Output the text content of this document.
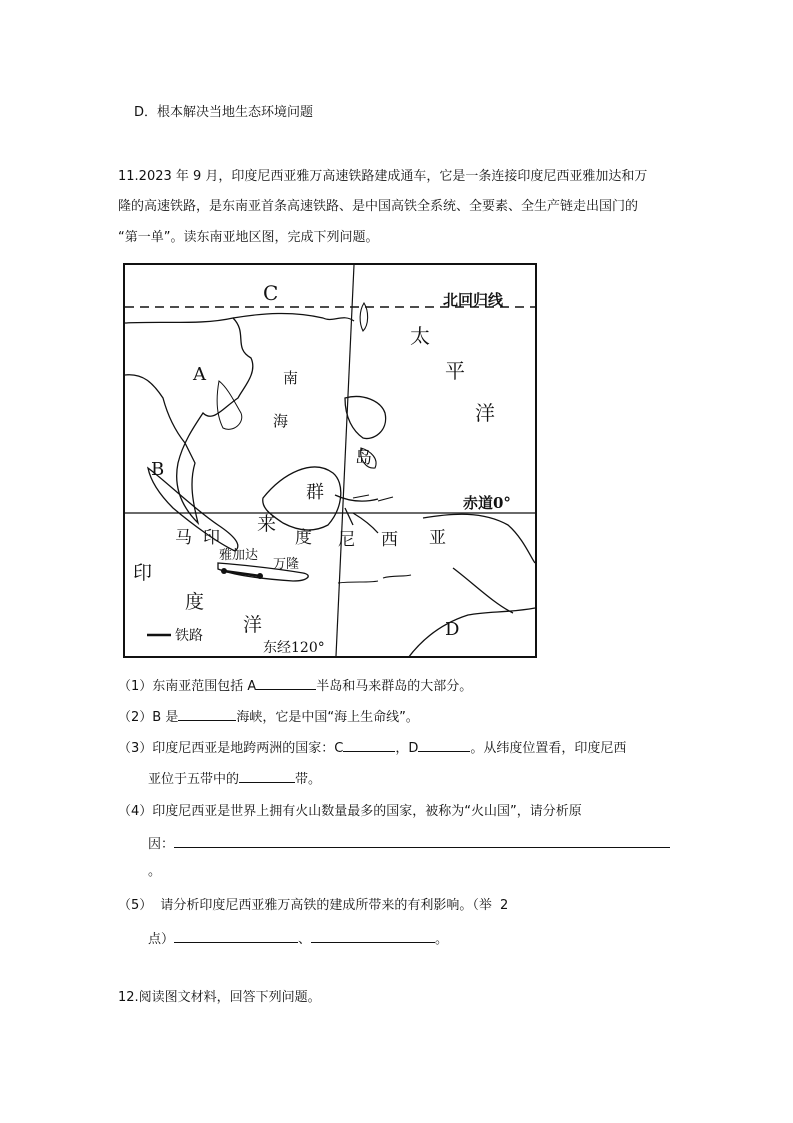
D．根本解决当地生态环境问题
11.2023 年 9 月，印度尼西亚雅万高速铁路建成通车，它是一条连接印度尼西亚雅加达和万
隆的高速铁路，是东南亚首条高速铁路、是中国高铁全系统、全要素、全生产链走出国门的
“第一单”。读东南亚地区图，完成下列问题。
C	北回归线
A
B
D
南
海
太
平
洋
岛
群
马
来
印	度 尼 西 亚
雅加达
万隆
印
度
洋
赤道0°
铁路
东经120°
（1）东南亚范围包括 A	半岛和马来群岛的大部分。
（2）B 是	海峡，它是中国“海上生命线”。
（3）印度尼西亚是地跨两洲的国家：C	，D	。从纬度位置看，印度尼西
亚位于五带中的	带。
（4）印度尼西亚是世界上拥有火山数量最多的国家，被称为“火山国”，请分析原
因：
。
（5） 请分析印度尼西亚雅万高铁的建成所带来的有利影响。（举 2
点）	、	。
12.阅读图文材料，回答下列问题。
